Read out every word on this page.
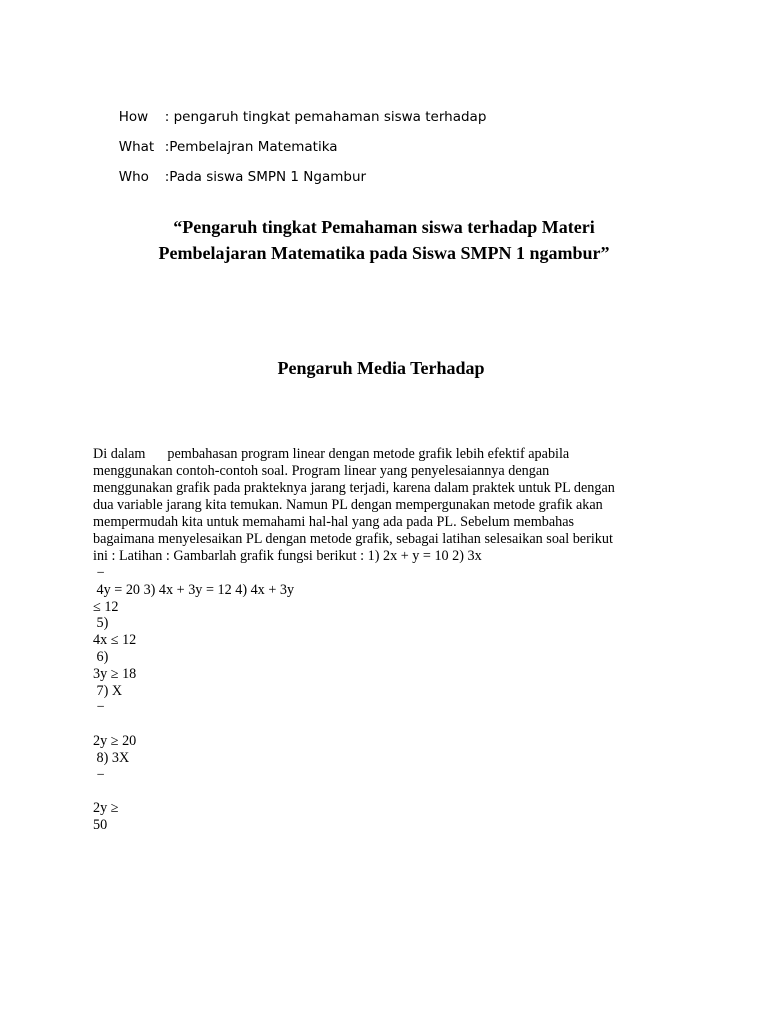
How : pengaruh tingkat pemahaman siswa terhadap

What :Pembelajran Matematika

Who :Pada siswa SMPN 1 Ngambur

“Pengaruh tingkat Pemahaman siswa terhadap Materi
Pembelajaran Matematika pada Siswa SMPN 1 ngambur”
Pengaruh Media Terhadap
Di dalam pembahasan program linear dengan metode grafik lebih efektif apabila
menggunakan contoh-contoh soal. Program linear yang penyelesaiannya dengan
menggunakan grafik pada prakteknya jarang terjadi, karena dalam praktek untuk PL dengan
dua variable jarang kita temukan. Namun PL dengan mempergunakan metode grafik akan
mempermudah kita untuk memahami hal-hal yang ada pada PL. Sebelum membahas
bagaimana menyelesaikan PL dengan metode grafik, sebagai latihan selesaikan soal berikut
ini : Latihan : Gambarlah grafik fungsi berikut : 1) 2x + y = 10 2) 3x
−
4y = 20 3) 4x + 3y = 12 4) 4x + 3y
≤ 12
5)
4x ≤ 12
6)
3y ≥ 18
7) X
−
2y ≥ 20
8) 3X
−
2y ≥
50
